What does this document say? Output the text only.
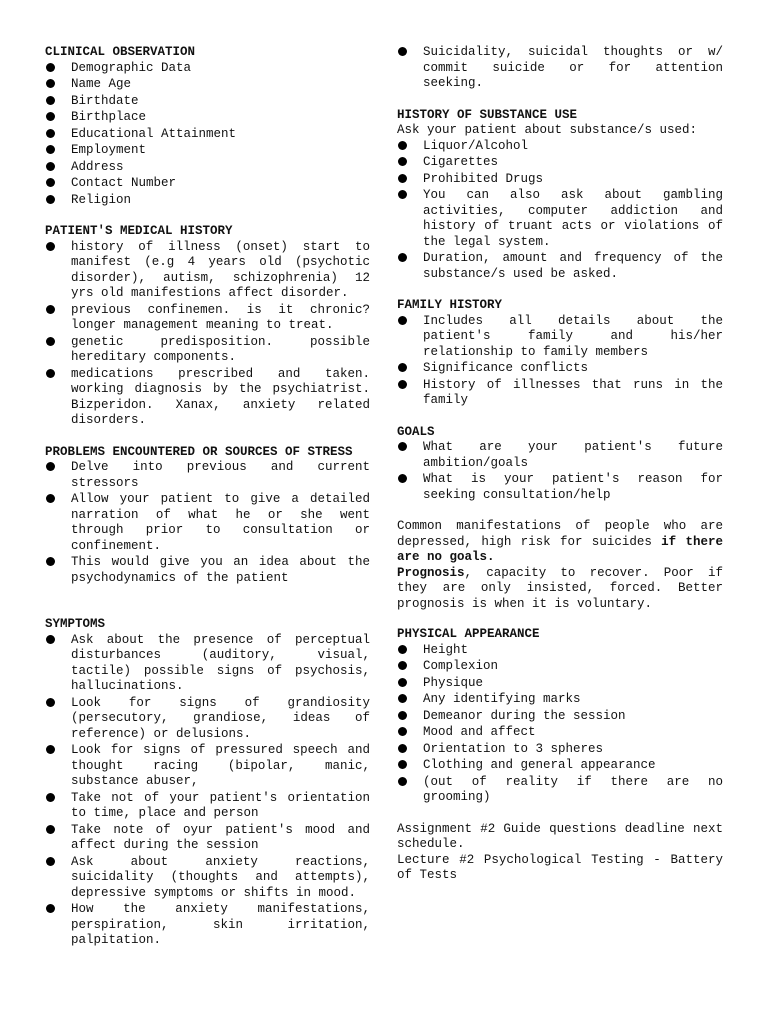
CLINICAL OBSERVATION
Demographic Data
Name Age
Birthdate
Birthplace
Educational Attainment
Employment
Address
Contact Number
Religion
PATIENT'S MEDICAL HISTORY
history of illness (onset) start to manifest (e.g 4 years old (psychotic disorder), autism, schizophrenia) 12 yrs old manifestions affect disorder.
previous confinemen. is it chronic? longer management meaning to treat.
genetic predisposition. possible hereditary components.
medications prescribed and taken. working diagnosis by the psychiatrist. Bizperidon. Xanax, anxiety related disorders.
PROBLEMS ENCOUNTERED OR SOURCES OF STRESS
Delve into previous and current stressors
Allow your patient to give a detailed narration of what he or she went through prior to consultation or confinement.
This would give you an idea about the psychodynamics of the patient
SYMPTOMS
Ask about the presence of perceptual disturbances (auditory, visual, tactile) possible signs of psychosis, hallucinations.
Look for signs of grandiosity (persecutory, grandiose, ideas of reference) or delusions.
Look for signs of pressured speech and thought racing (bipolar, manic, substance abuser,
Take not of your patient's orientation to time, place and person
Take note of oyur patient's mood and affect during the session
Ask about anxiety reactions, suicidality (thoughts and attempts), depressive symptoms or shifts in mood.
How the anxiety manifestations, perspiration, skin irritation, palpitation.
Suicidality, suicidal thoughts or w/ commit suicide or for attention seeking.
HISTORY OF SUBSTANCE USE
Ask your patient about substance/s used:
Liquor/Alcohol
Cigarettes
Prohibited Drugs
You can also ask about gambling activities, computer addiction and history of truant acts or violations of the legal system.
Duration, amount and frequency of the substance/s used be asked.
FAMILY HISTORY
Includes all details about the patient's family and his/her relationship to family members
Significance conflicts
History of illnesses that runs in the family
GOALS
What are your patient's future ambition/goals
What is your patient's reason for seeking consultation/help

Common manifestations of people who are depressed, high risk for suicides if there are no goals.

Prognosis, capacity to recover. Poor if they are only insisted, forced. Better prognosis is when it is voluntary.

PHYSICAL APPEARANCE
Height
Complexion
Physique
Any identifying marks
Demeanor during the session
Mood and affect
Orientation to 3 spheres
Clothing and general appearance
(out of reality if there are no grooming)

Assignment #2 Guide questions deadline next schedule.

Lecture #2 Psychological Testing - Battery of Tests
